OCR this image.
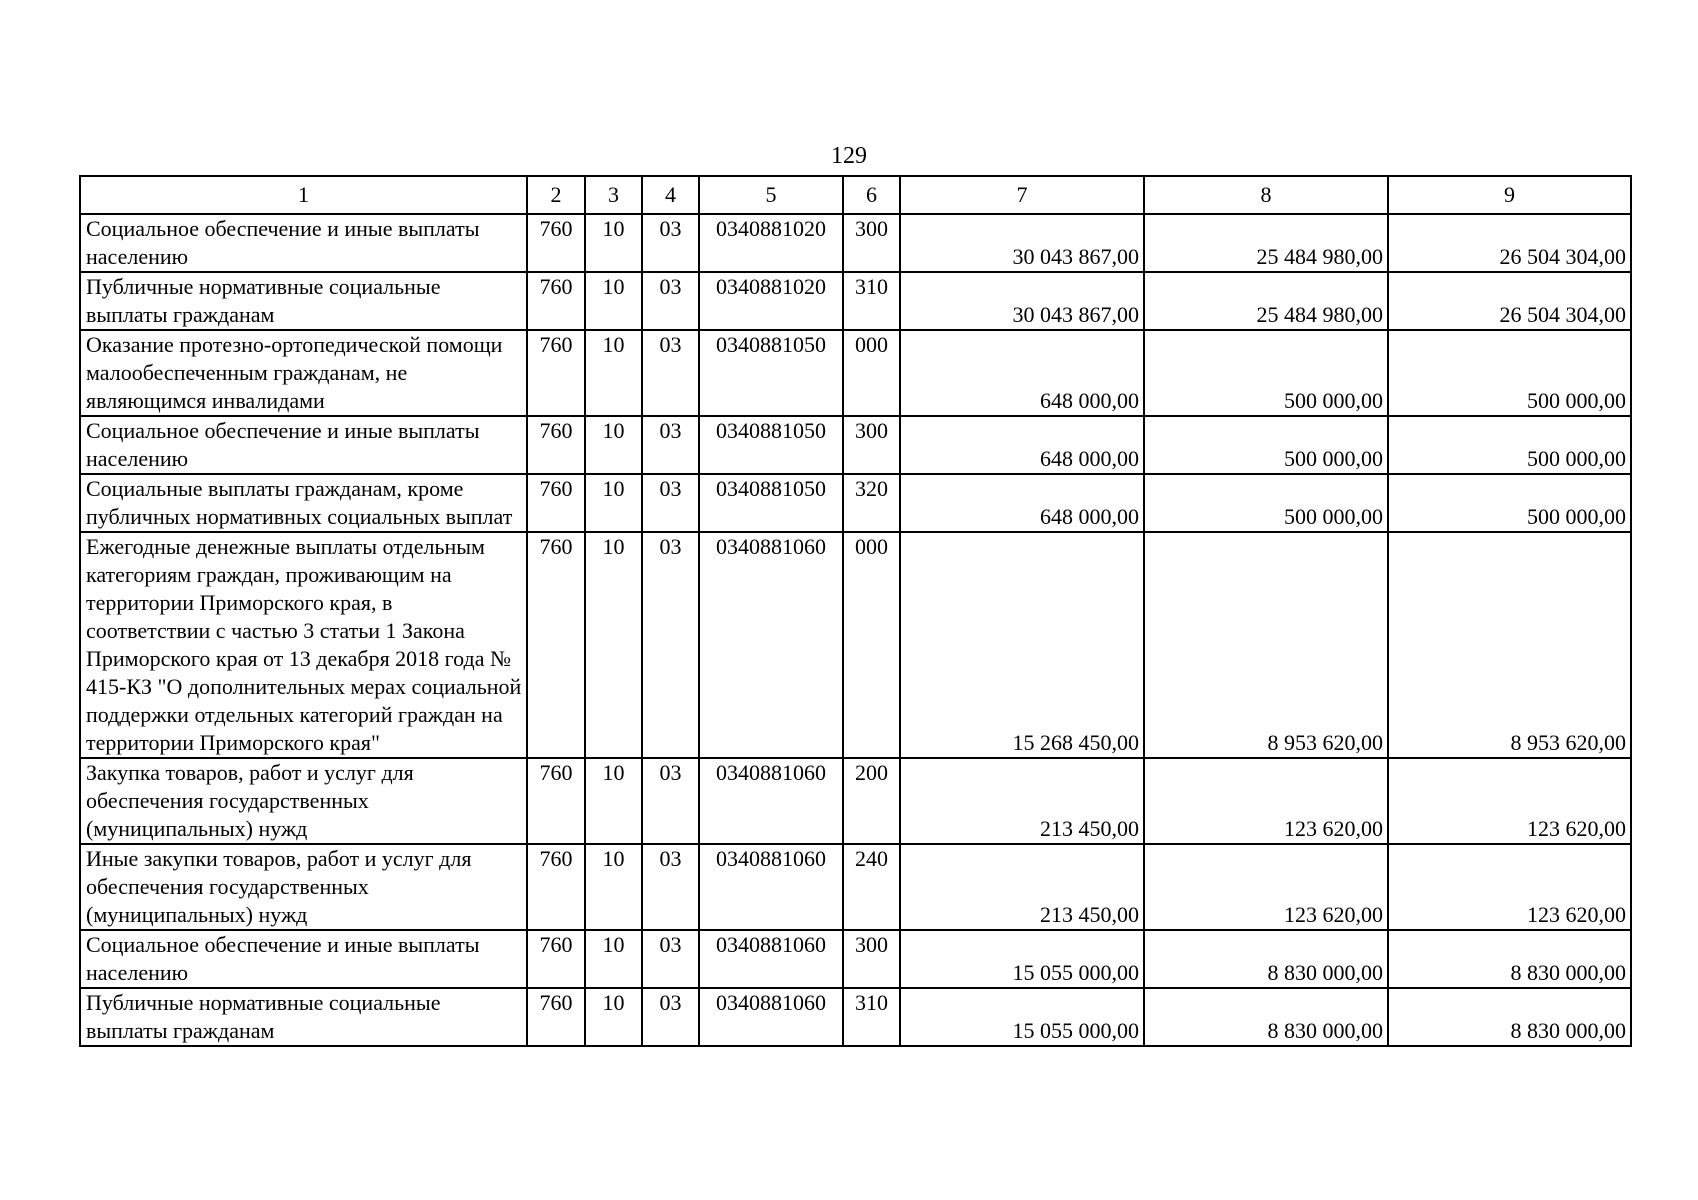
129
1	2	3	4	5	6	7	8	9
Социальное обеспечение и иные выплаты населению	760	10	03	0340881020	300	30 043 867,00	25 484 980,00	26 504 304,00
Публичные нормативные социальные выплаты гражданам	760	10	03	0340881020	310	30 043 867,00	25 484 980,00	26 504 304,00
Оказание протезно-ортопедической помощи малообеспеченным гражданам, не являющимся инвалидами	760	10	03	0340881050	000	648 000,00	500 000,00	500 000,00
Социальное обеспечение и иные выплаты населению	760	10	03	0340881050	300	648 000,00	500 000,00	500 000,00
Социальные выплаты гражданам, кроме публичных нормативных социальных выплат	760	10	03	0340881050	320	648 000,00	500 000,00	500 000,00
Ежегодные денежные выплаты отдельным категориям граждан, проживающим на территории Приморского края, в соответствии с частью 3 статьи 1 Закона Приморского края от 13 декабря 2018 года № 415-КЗ "О дополнительных мерах социальной поддержки отдельных категорий граждан на территории Приморского края"	760	10	03	0340881060	000	15 268 450,00	8 953 620,00	8 953 620,00
Закупка товаров, работ и услуг для обеспечения государственных (муниципальных) нужд	760	10	03	0340881060	200	213 450,00	123 620,00	123 620,00
Иные закупки товаров, работ и услуг для обеспечения государственных (муниципальных) нужд	760	10	03	0340881060	240	213 450,00	123 620,00	123 620,00
Социальное обеспечение и иные выплаты населению	760	10	03	0340881060	300	15 055 000,00	8 830 000,00	8 830 000,00
Публичные нормативные социальные выплаты гражданам	760	10	03	0340881060	310	15 055 000,00	8 830 000,00	8 830 000,00
